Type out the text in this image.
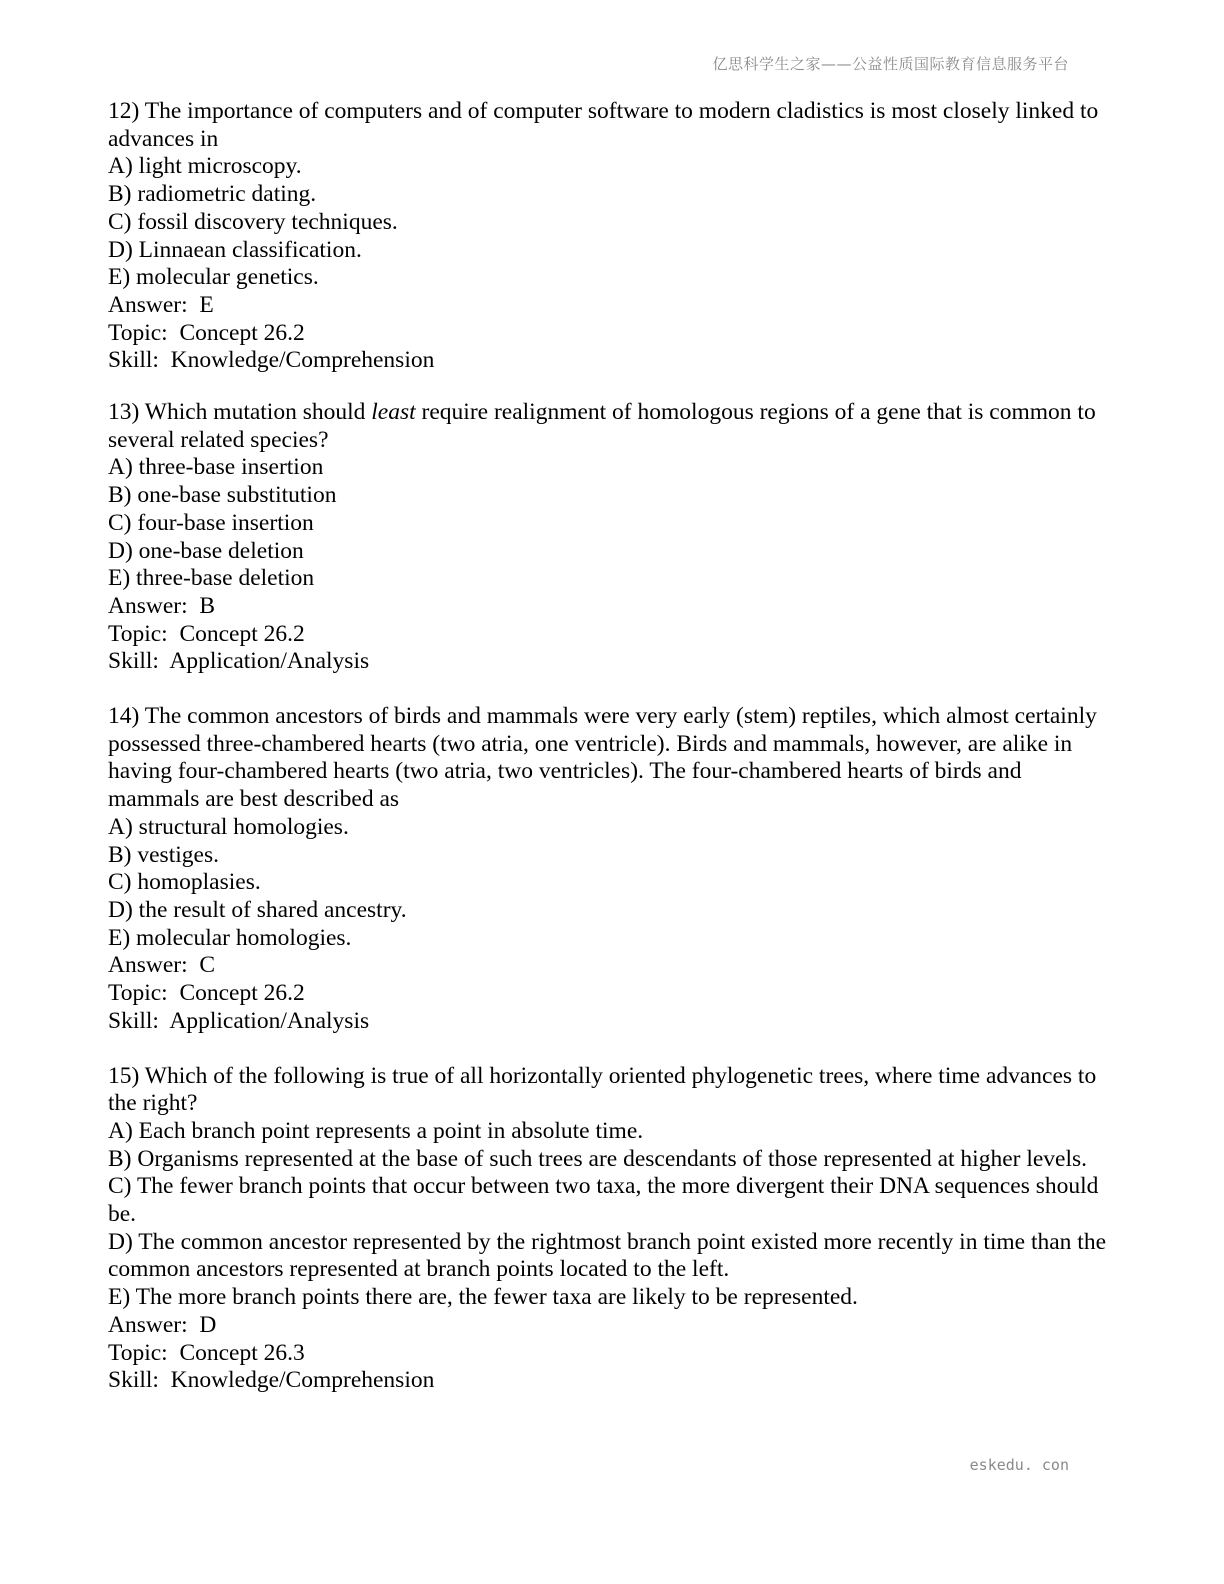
亿思科学生之家——公益性质国际教育信息服务平台
12) The importance of computers and of computer software to modern cladistics is most closely linked to advances in
A) light microscopy.
B) radiometric dating.
C) fossil discovery techniques.
D) Linnaean classification.
E) molecular genetics.
Answer:  E
Topic:  Concept 26.2
Skill:  Knowledge/Comprehension
13) Which mutation should least require realignment of homologous regions of a gene that is common to several related species?
A) three-base insertion
B) one-base substitution
C) four-base insertion
D) one-base deletion
E) three-base deletion
Answer:  B
Topic:  Concept 26.2
Skill:  Application/Analysis
14) The common ancestors of birds and mammals were very early (stem) reptiles, which almost certainly possessed three-chambered hearts (two atria, one ventricle). Birds and mammals, however, are alike in having four-chambered hearts (two atria, two ventricles). The four-chambered hearts of birds and mammals are best described as
A) structural homologies.
B) vestiges.
C) homoplasies.
D) the result of shared ancestry.
E) molecular homologies.
Answer:  C
Topic:  Concept 26.2
Skill:  Application/Analysis
15) Which of the following is true of all horizontally oriented phylogenetic trees, where time advances to the right?
A) Each branch point represents a point in absolute time.
B) Organisms represented at the base of such trees are descendants of those represented at higher levels.
C) The fewer branch points that occur between two taxa, the more divergent their DNA sequences should be.
D) The common ancestor represented by the rightmost branch point existed more recently in time than the common ancestors represented at branch points located to the left.
E) The more branch points there are, the fewer taxa are likely to be represented.
Answer:  D
Topic:  Concept 26.3
Skill:  Knowledge/Comprehension
eskedu. con
